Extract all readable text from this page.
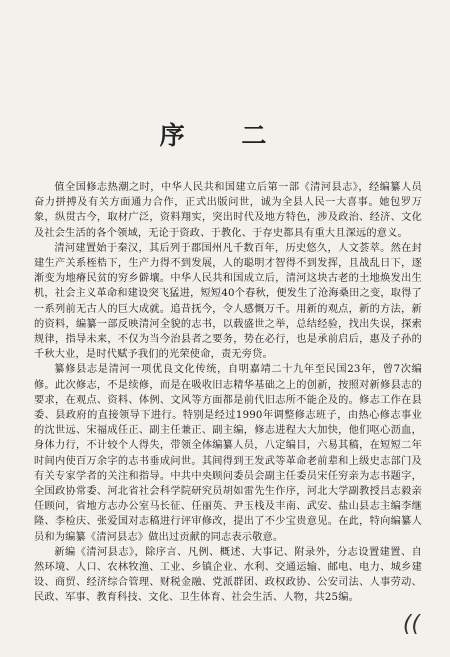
序 二

值全国修志热潮之时，中华人民共和国建立后第一部《清河县志》，经编纂人员奋力拼搏及有关方面通力合作，正式出版问世，诚为全县人民一大喜事。她包罗万象，纵贯古今，取材广泛，资料翔实，突出时代及地方特色，涉及政治、经济、文化及社会生活的各个领域，无论于资政、于教化、于存史都具有重大且深远的意义。

清河建置始于秦汉，其后列于郡国州凡千数百年，历史悠久，人文荟萃。然在封建生产关系桎梏下，生产力得不到发展，人的聪明才智得不到发挥，且战乱日下，逐渐变为地瘠民贫的穷乡僻壤。中华人民共和国成立后，清河这块古老的土地焕发出生机，社会主义革命和建设突飞猛进，短短40个春秋，便发生了沧海桑田之变，取得了一系列前无古人的巨大成就。追昔抚今，令人感慨万千。用新的观点，新的方法，新的资料，编纂一部反映清河全貌的志书，以载盛世之举，总结经验，找出失误，探索规律，指导未来，不仅为当今治县者之要务，势在必行，也是承前启后，惠及子孙的千秋大业，是时代赋予我们的光荣使命，责无旁贷。

纂修县志是清河一项优良文化传统，自明嘉靖二十九年至民国23年，曾7次编修。此次修志，不是续修，而是在吸收旧志精华基础之上的创新，按照对新修县志的要求，在观点、资料、体例、文风等方面都是前代旧志所不能企及的。修志工作在县委、县政府的直接领导下进行。特别是经过1990年调整修志班子，由热心修志事业的沈世远、宋福成任正、副主任兼正、副主编，修志进程大大加快，他们呕心沥血，身体力行，不计较个人得失，带领全体编纂人员，八定编目，六易其稿，在短短二年时间内使百万余字的志书垂成问世。其间得到王发武等革命老前辈和上级史志部门及有关专家学者的关注和指导。中共中央顾问委员会副主任委员宋任穷亲为志书题字，全国政协常委、河北省社会科学院研究员胡如雷先生作序，河北大学副教授吕志毅亲任顾问，省地方志办公室马长征、任丽英、尹玉栈及丰南、武安、盐山县志主编李继隆、李检庆、张爱国对志稿进行评审修改，提出了不少宝贵意见。在此，特向编纂人员和为编纂《清河县志》做出过贡献的同志表示敬意。

新编《清河县志》，除序言、凡例、概述、大事记、附录外，分志设置建置、自然环境、人口、农林牧渔、工业、乡镇企业、水利、交通运输、邮电、电力、城乡建设、商贸、经济综合管理、财税金融、党派群团、政权政协、公安司法、人事劳动、民政、军事、教育科技、文化、卫生体育、社会生活、人物，共25编。

((
